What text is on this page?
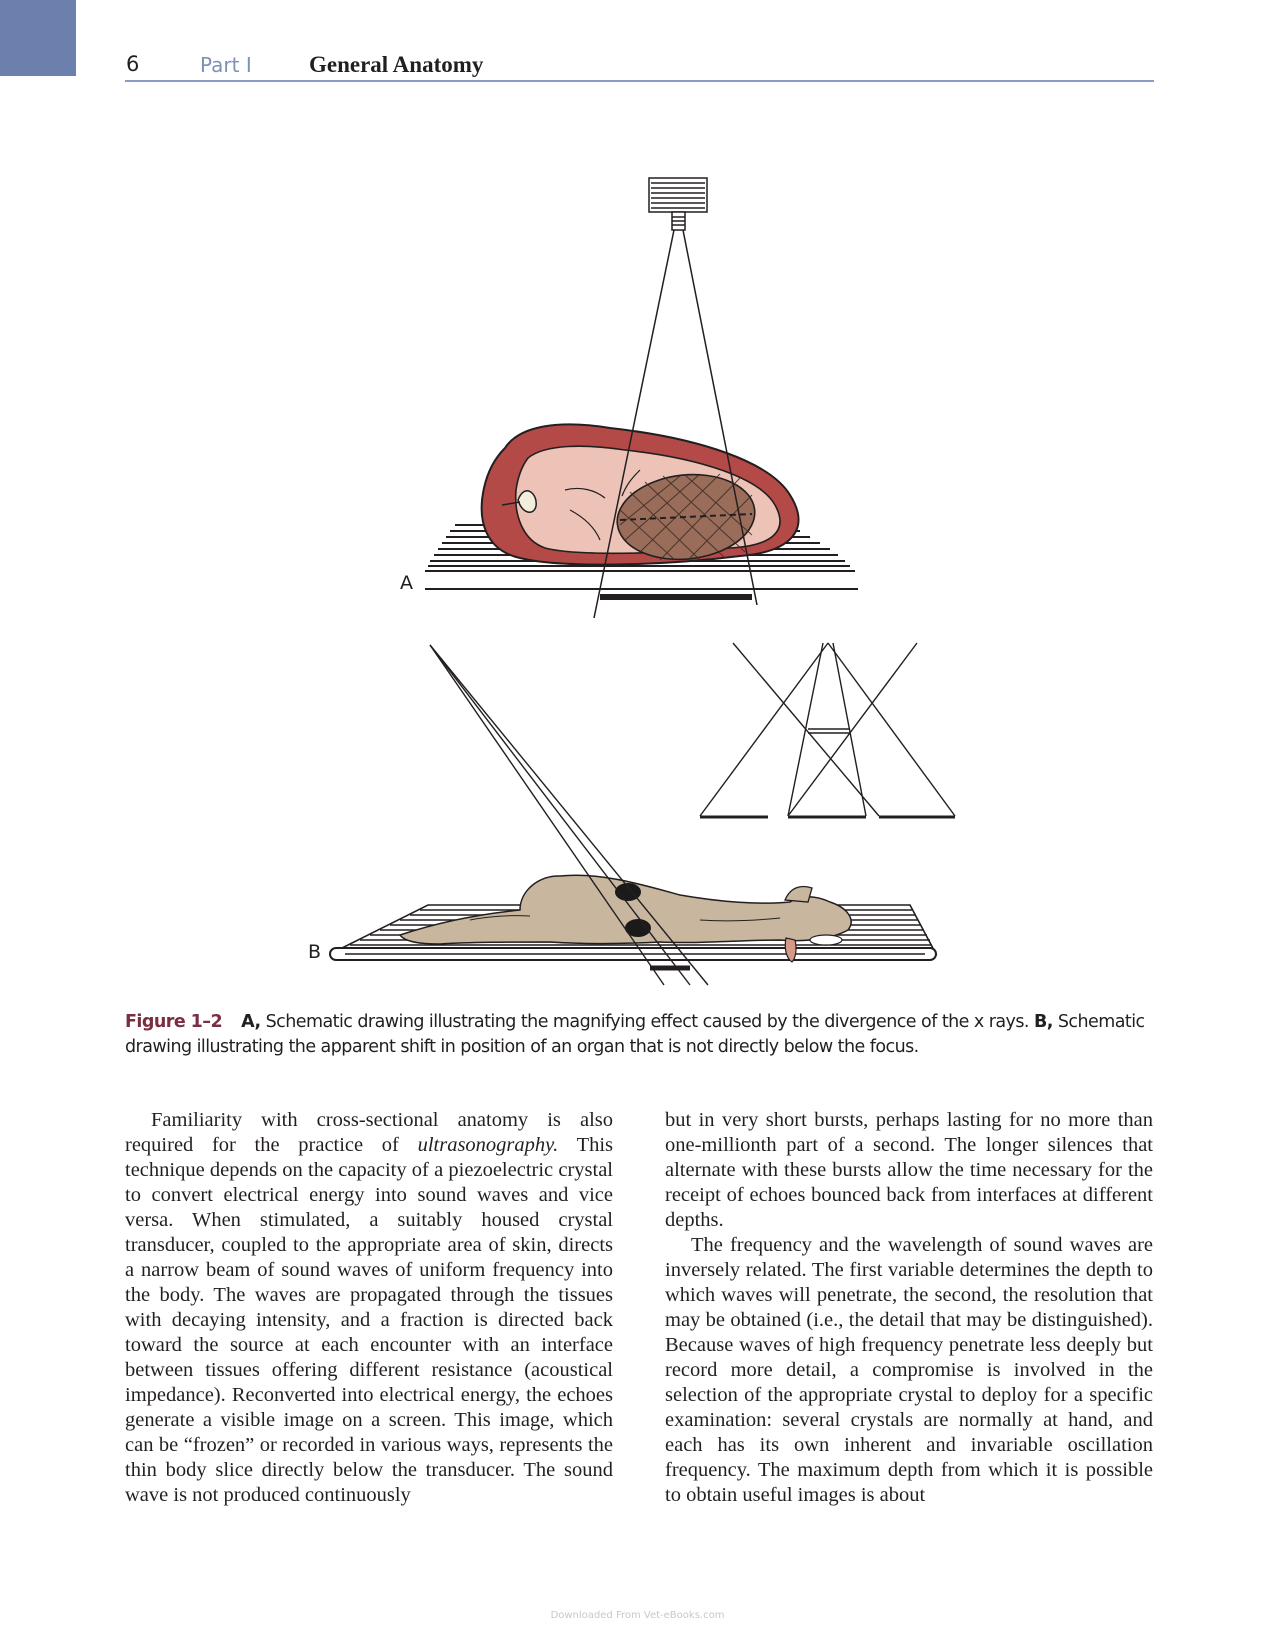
6	Part I General Anatomy
A
B
Figure 1–2 A, Schematic drawing illustrating the magnifying effect caused by the divergence of the x rays. B, Schematic drawing illustrating the apparent shift in position of an organ that is not directly below the focus.

Familiarity with cross-sectional anatomy is also required for the practice of ultrasonography. This technique depends on the capacity of a piezoelectric crystal to convert electrical energy into sound waves and vice versa. When stimulated, a suitably housed crystal transducer, coupled to the appropriate area of skin, directs a narrow beam of sound waves of uniform frequency into the body. The waves are propagated through the tissues with decaying intensity, and a fraction is directed back toward the source at each encounter with an interface between tissues offering different resistance (acoustical impedance). Reconverted into electrical energy, the echoes generate a visible image on a screen. This image, which can be “frozen” or recorded in various ways, represents the thin body slice directly below the transducer. The sound wave is not produced continuously

but in very short bursts, perhaps lasting for no more than one-millionth part of a second. The longer silences that alternate with these bursts allow the time necessary for the receipt of echoes bounced back from interfaces at different depths.

The frequency and the wavelength of sound waves are inversely related. The first variable determines the depth to which waves will penetrate, the second, the resolution that may be obtained (i.e., the detail that may be distinguished). Because waves of high frequency penetrate less deeply but record more detail, a compromise is involved in the selection of the appropriate crystal to deploy for a specific examination: several crystals are normally at hand, and each has its own inherent and invariable oscillation frequency. The maximum depth from which it is possible to obtain useful images is about

Downloaded From Vet-eBooks.com
